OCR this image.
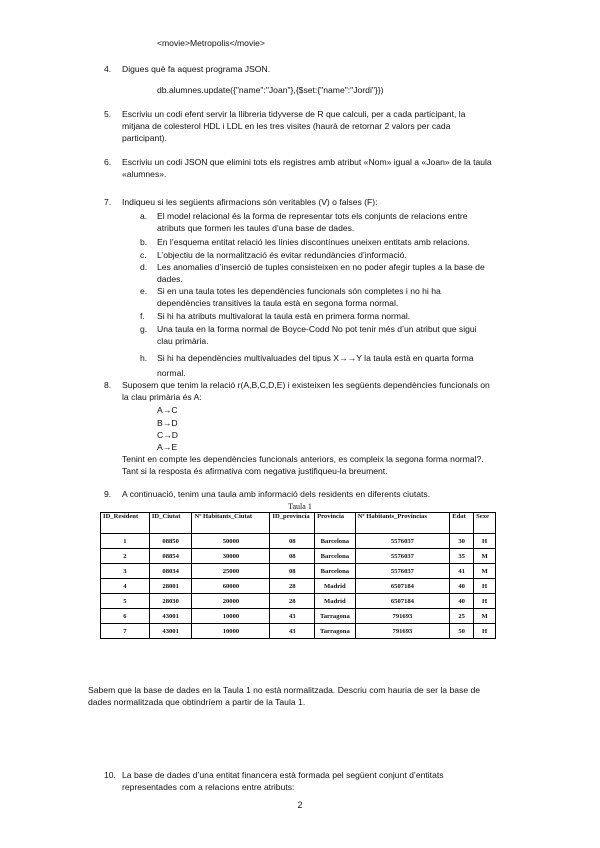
<movie>Metropolis</movie>
4.	Digues què fa aquest programa JSON.
db.alumnes.update({"name":"Joan"},{$set:{"name":"Jordi"}})
5.	Escriviu un codi efent servir la llibreria tidyverse de R que calculi, per a cada participant, la
mitjana de colesterol HDL i LDL en les tres visites (haurà de retornar 2 valors per cada
participant).
6.	Escriviu un codi JSON que elimini tots els registres amb atribut «Nom» igual a «Joan» de la taula
«alumnes».
7.	Indiqueu si les següents afirmacions són veritables (V) o falses (F):
a. El model relacional és la forma de representar tots els conjunts de relacions entre
atributs que formen les taules d’una base de dades.
b. En l’esquema entitat relació les línies discontínues uneixen entitats amb relacions.
c. L’objectiu de la normalització és evitar redundàncies d’informació.
d. Les anomalies d’inserció de tuples consisteixen en no poder afegir tuples a la base de
dades.
e. Si en una taula totes les dependències funcionals són completes i no hi ha
dependències transitives la taula està en segona forma normal.
f. Si hi ha atributs multivalorat la taula està en primera forma normal.
g. Una taula en la forma normal de Boyce-Codd No pot tenir més d’un atribut que sigui
clau primària.
h. Si hi ha dependències multivaluades del tipus X→→Y la taula està en quarta forma
normal.
8.	Suposem que tenim la relació r(A,B,C,D,E) i existeixen les següents dependències funcionals on
la clau primària és A:
A→C
B→D
C→D
A→E
Tenint en compte les dependències funcionals anteriors, es compleix la segona forma normal?.
Tant si la resposta és afirmativa com negativa justifiqueu-la breument.
9.	A continuació, tenim una taula amb informació dels residents en diferents ciutats.
Taula 1
ID_Resident	ID_Ciutat	Nº Habitants_Ciutat	ID_provincia	Provincia	Nº Habitants_Provincias	Edat	Sexe
1	08850	50000	08	Barcelona	5576037	30	H
2	08854	30000	08	Barcelona	5576037	35	M
3	08034	25000	08	Barcelona	5576037	41	M
4	28001	60000	28	Madrid	6507184	40	H
5	28030	20000	28	Madrid	6507184	40	H
6	43001	10000	43	Tarragona	791693	25	M
7	43001	10000	43	Tarragona	791693	50	H
Sabem que la base de dades en la Taula 1 no està normalitzada. Descriu com hauria de ser la base de
dades normalitzada que obtindríem a partir de la Taula 1.
10. La base de dades d’una entitat financera està formada pel següent conjunt d’entitats
representades com a relacions entre atributs:
2
